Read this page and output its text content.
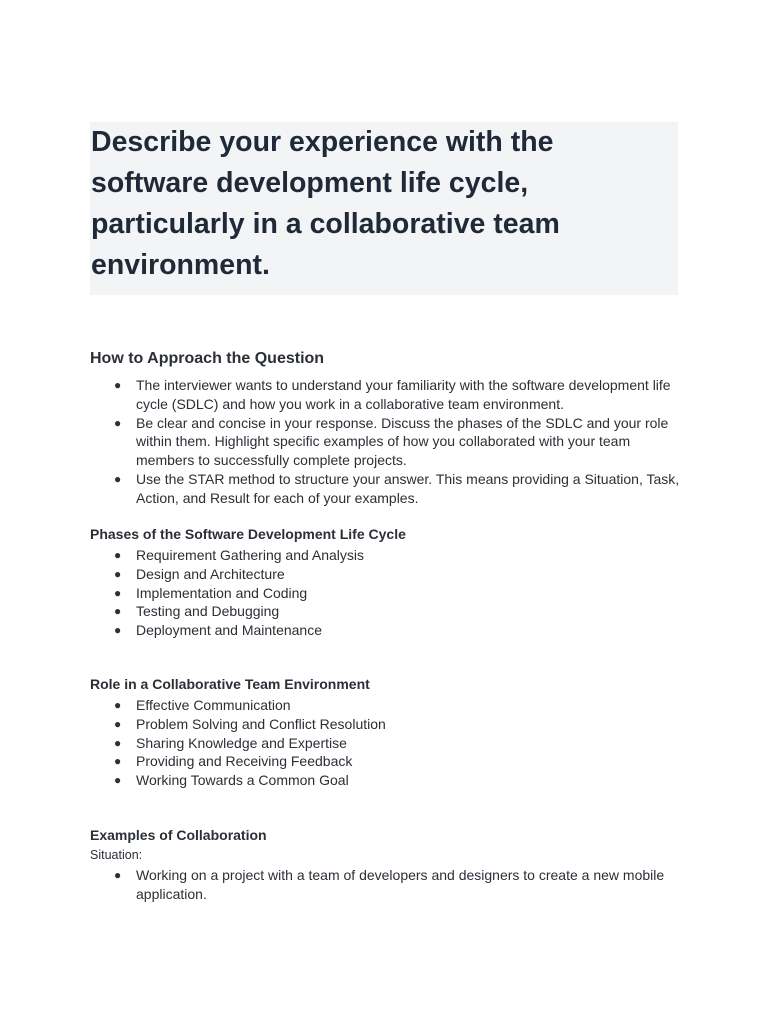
Describe your experience with the software development life cycle, particularly in a collaborative team environment.
How to Approach the Question
● The interviewer wants to understand your familiarity with the software development life cycle (SDLC) and how you work in a collaborative team environment.
● Be clear and concise in your response. Discuss the phases of the SDLC and your role within them. Highlight specific examples of how you collaborated with your team members to successfully complete projects.
● Use the STAR method to structure your answer. This means providing a Situation, Task, Action, and Result for each of your examples.
Phases of the Software Development Life Cycle
● Requirement Gathering and Analysis
● Design and Architecture
● Implementation and Coding
● Testing and Debugging
● Deployment and Maintenance
Role in a Collaborative Team Environment
● Effective Communication
● Problem Solving and Conflict Resolution
● Sharing Knowledge and Expertise
● Providing and Receiving Feedback
● Working Towards a Common Goal
Examples of Collaboration

Situation:

● Working on a project with a team of developers and designers to create a new mobile application.
